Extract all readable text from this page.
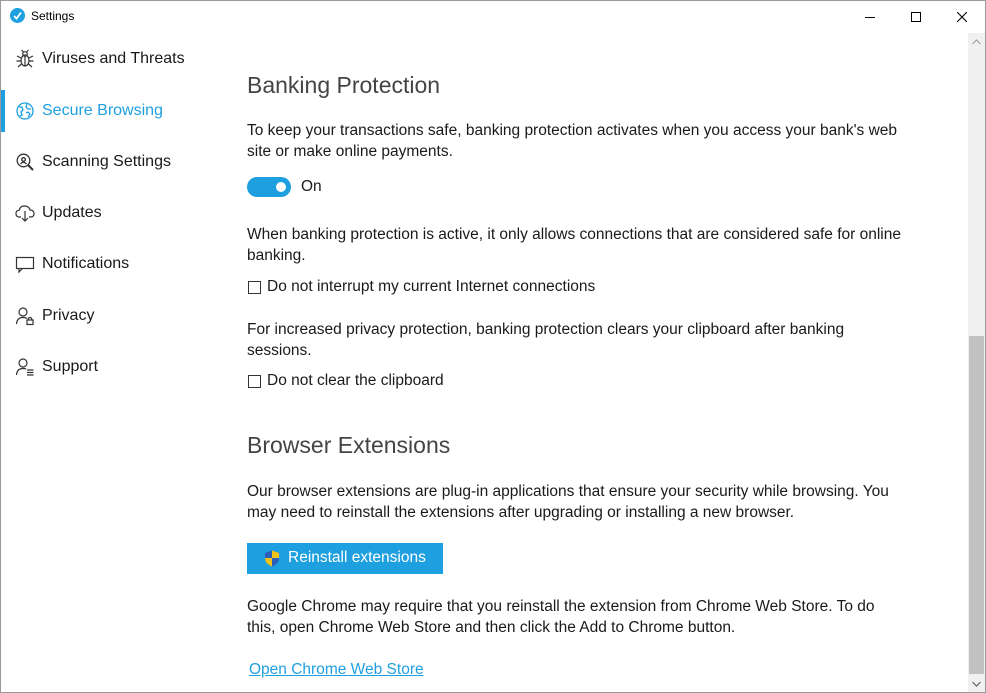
Settings
Viruses and Threats
Secure Browsing
Scanning Settings
Updates
Notifications
Privacy
Support
Banking Protection

To keep your transactions safe, banking protection activates when you access your bank's web site or make online payments.

On

When banking protection is active, it only allows connections that are considered safe for online banking.

Do not interrupt my current Internet connections

For increased privacy protection, banking protection clears your clipboard after banking sessions.

Do not clear the clipboard
Browser Extensions

Our browser extensions are plug-in applications that ensure your security while browsing. You may need to reinstall the extensions after upgrading or installing a new browser.

Reinstall extensions

Google Chrome may require that you reinstall the extension from Chrome Web Store. To do this, open Chrome Web Store and then click the Add to Chrome button.

Open Chrome Web Store
